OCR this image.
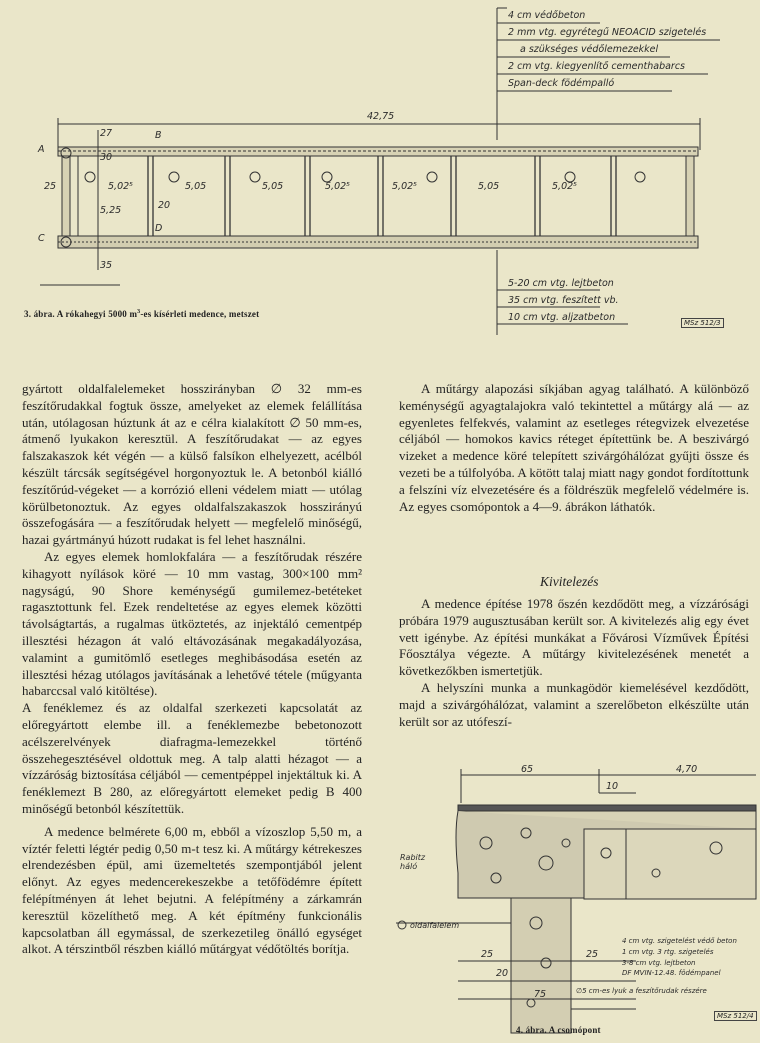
4 cm védőbeton
2 mm vtg. egyrétegű NEOACID szigetelés
a szükséges védőlemezekkel
2 cm vtg. kiegyenlítő cementhabarcs
Span-deck födémpalló
42,75
A
B
C
D
27
30
5,25
25
20
35
5,02⁵	5,05	5,05	5,02⁵	5,02⁵	5,05	5,02⁵
5-20 cm vtg. lejtbeton
35 cm vtg. feszített vb.
10 cm vtg. aljzatbeton	MSz 512/3
3. ábra. A rókahegyi 5000 $m^3-es$ kísérleti medence, metszet

gyártott oldalfalelemeket hosszirányban ∅ 32 mm-es feszítőrudakkal fogtuk össze, amelyeket az elemek felállítása után, utólagosan húztunk át az e célra kialakított ∅ 50 mm-es, átmenő lyukakon keresztül. A feszítőrudakat — az egyes falszakaszok két végén — a külső falsíkon elhelyezett, acélból készült tárcsák segítségével horgonyoztuk le. A betonból kiálló feszítőrúd-végeket — a korrózió elleni védelem miatt — utólag körülbetonoztuk. Az egyes oldalfalszakaszok hosszirányú összefogására — a feszítőrudak helyett — megfelelő minőségű, hazai gyártmányú húzott rudakat is fel lehet használni.

Az egyes elemek homlokfalára — a feszítőrudak részére kihagyott nyílások köré — 10 mm vastag, 300×100 mm² nagyságú, 90 Shore keménységű gumilemez-betéteket ragasztottunk fel. Ezek rendeltetése az egyes elemek közötti távolságtartás, a rugalmas ütköztetés, az injektáló cementpép illesztési hézagon át való eltávozásának megakadályozása, valamint a gumitömlő esetleges meghibásodása esetén az illesztési hézag utólagos javításának a lehetővé tétele (műgyanta habarccsal való kitöltése).

A fenéklemez és az oldalfal szerkezeti kapcsolatát az előregyártott elembe ill. a fenéklemezbe bebetonozott acélszerelvények diafragma-lemezekkel történő összehegesztésével oldottuk meg. A talp alatti hézagot — a vízzáróság biztosítása céljából — cementpéppel injektáltuk ki. A fenéklemezt B 280, az előregyártott elemeket pedig B 400 minőségű betonból készítettük.

A medence belmérete 6,00 m, ebből a vízoszlop 5,50 m, a víztér feletti légtér pedig 0,50 m-t tesz ki. A műtárgy kétrekeszes elrendezésben épül, ami üzemeltetés szempontjából jelent előnyt. Az egyes medencerekeszekbe a tetőfödémre épített felépítményen át lehet bejutni. A felépítmény a zárkamrán keresztül közelíthető meg. A két építmény funkcionális kapcsolatban áll egymással, de szerkezetileg önálló egységet alkot. A térszintből részben kiálló műtárgyat védőtöltés borítja.

A műtárgy alapozási síkjában agyag található. A különböző keménységű agyagtalajokra való tekintettel a műtárgy alá — az egyenletes felfekvés, valamint az esetleges rétegvizek elvezetése céljából — homokos kavics réteget építettünk be. A beszivárgó vizeket a medence köré telepített szivárgóhálózat gyűjti össze és vezeti be a túlfolyóba. A kötött talaj miatt nagy gondot fordítottunk a felszíni víz elvezetésére és a földrészük megfelelő védelmére is. Az egyes csomópontok a 4—9. ábrákon láthatók.

Kivitelezés

A medence építése 1978 őszén kezdődött meg, a vízzárósági próbára 1979 augusztusában került sor. A kivitelezés alig egy évet vett igénybe. Az építési munkákat a Fővárosi Vízművek Építési Főosztálya végezte. A műtárgy kivitelezésének menetét a következőkben ismertetjük.

A helyszíni munka a munkagödör kiemelésével kezdődött, majd a szivárgóhálózat, valamint a szerelőbeton elkészülte után került sor az utófeszí-

65	4,70
10
25	25
20
75
Rabitz háló
oldalfalelem
4 cm vtg. szigetelést védő beton
1 cm vtg. 3 rtg. szigetelés
3-8 cm vtg. lejtbeton
DF MVIN-12.48. födémpanel
∅5 cm-es lyuk a feszítőrudak részére
MSz 512/4
4. ábra. A csomópont
